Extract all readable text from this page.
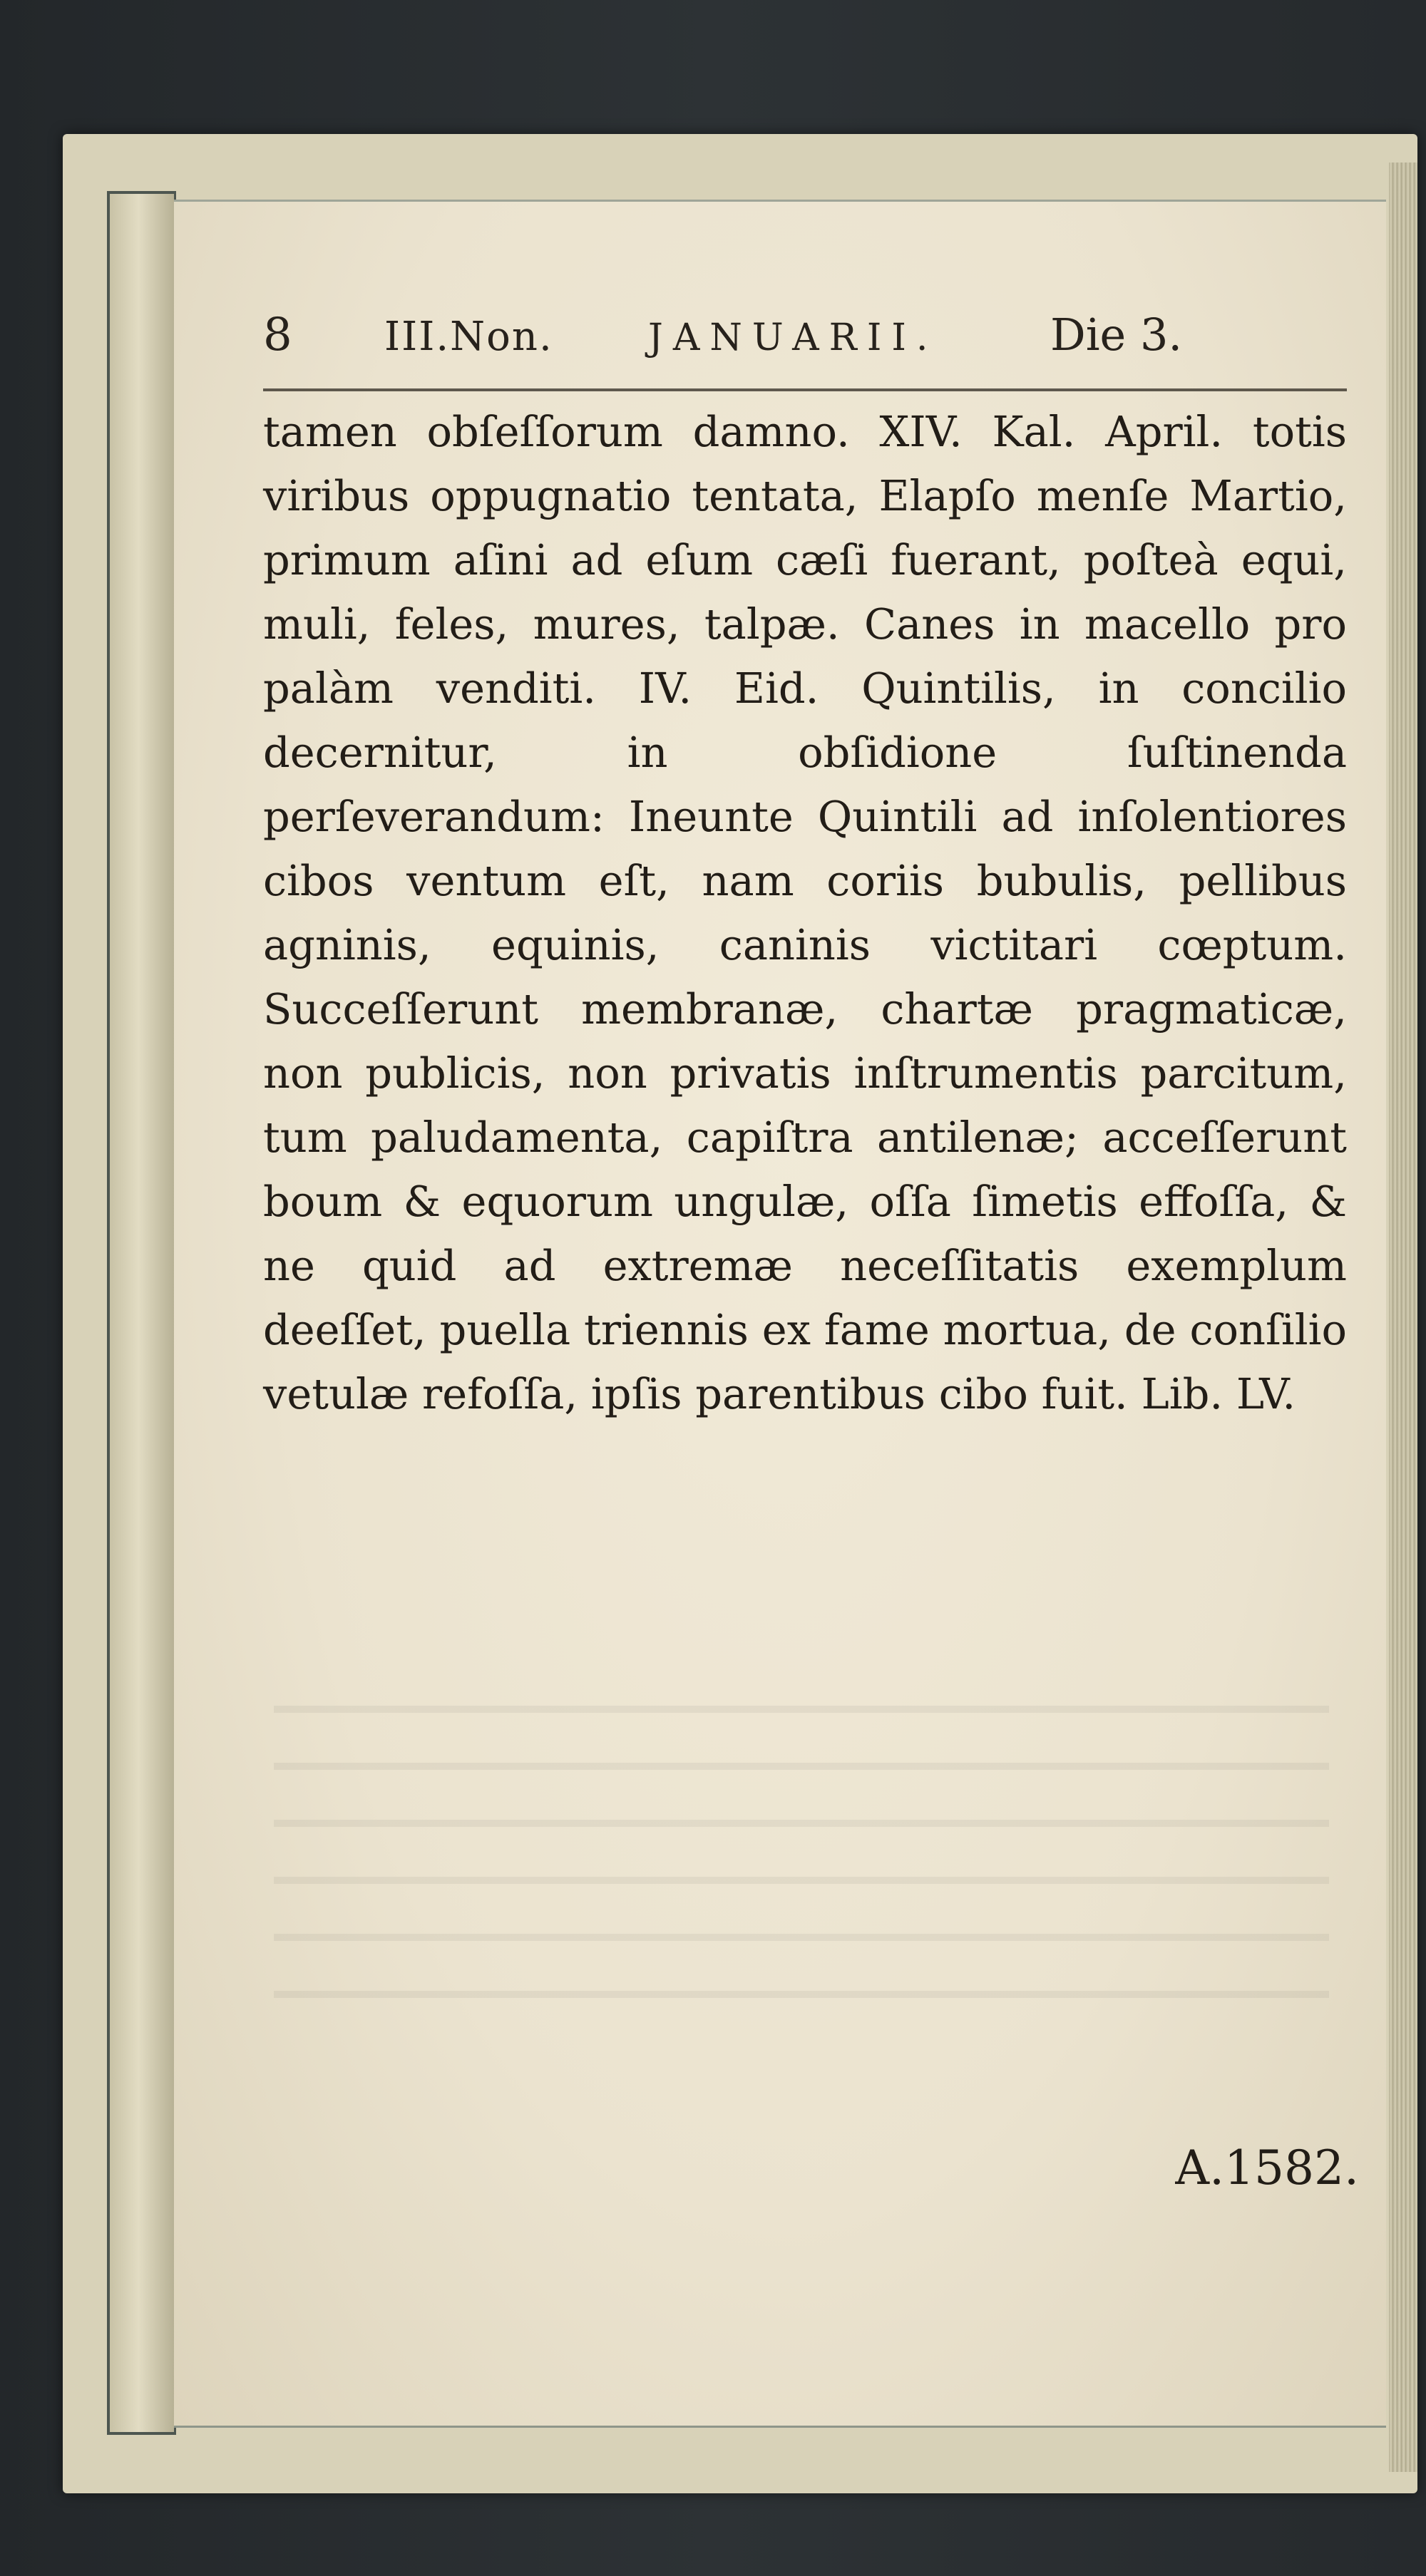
8	III.Non.	JANUARII.	Die 3.
tamen obſeſſorum damno. XIV. Kal. April. totis viribus oppugnatio tentata, Elapſo menſe Martio, primum aſini ad eſum cæſi fuerant, poſteà equi, muli, feles, mures, talpæ. Canes in macello pro palàm venditi. IV. Eid. Quintilis, in concilio decernitur, in obſidione ſuſtinenda perſeverandum: Ineunte Quintili ad inſolentiores cibos ventum eſt, nam coriis bubulis, pellibus agninis, equinis, caninis victitari cœptum. Succeſſerunt membranæ, chartæ pragmaticæ, non publicis, non privatis inſtrumentis parcitum, tum paludamenta, capiſtra antilenæ; acceſſerunt boum & equorum ungulæ, oſſa ſimetis effoſſa, & ne quid ad extremæ neceſſitatis exemplum deeſſet, puella triennis ex fame mortua, de conſilio vetulæ refoſſa, ipſis parentibus cibo fuit. Lib. LV.
A.1582.
